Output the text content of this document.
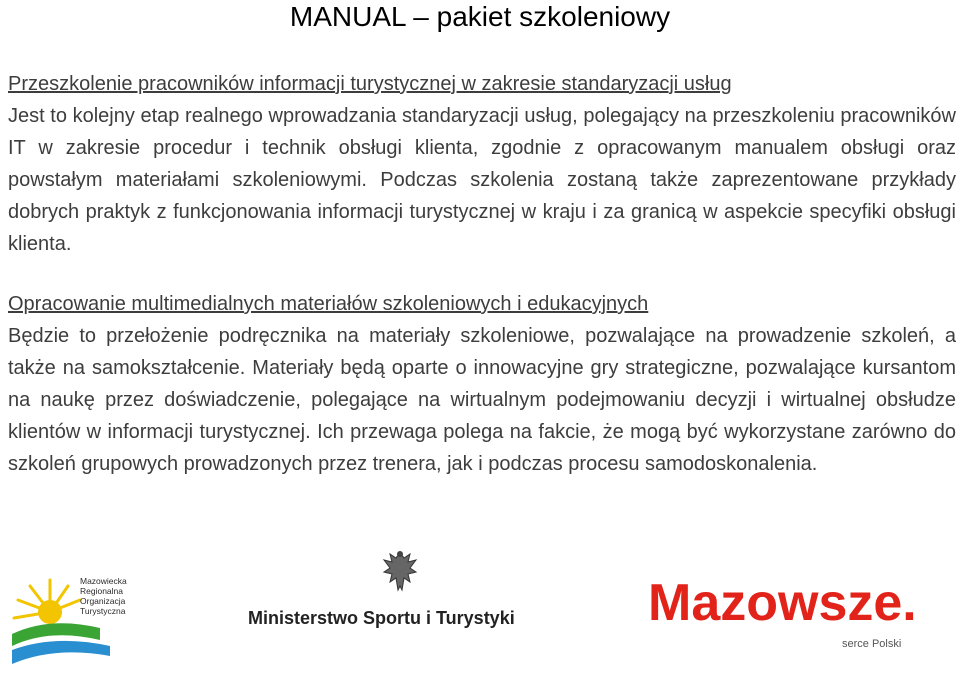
MANUAL – pakiet szkoleniowy
Przeszkolenie pracowników informacji turystycznej w zakresie standaryzacji usług
Jest to kolejny etap realnego wprowadzania standaryzacji usług, polegający na przeszkoleniu pracowników IT w zakresie procedur i technik obsługi klienta, zgodnie z opracowanym manualem obsługi oraz powstałym materiałami szkoleniowymi. Podczas szkolenia zostaną także zaprezentowane przykłady dobrych praktyk z funkcjonowania informacji turystycznej w kraju i za granicą w aspekcie specyfiki obsługi klienta.
Opracowanie multimedialnych materiałów szkoleniowych i edukacyjnych
Będzie to przełożenie podręcznika na materiały szkoleniowe, pozwalające na prowadzenie szkoleń, a także na samokształcenie. Materiały będą oparte o innowacyjne gry strategiczne, pozwalające kursantom na naukę przez doświadczenie, polegające na wirtualnym podejmowaniu decyzji i wirtualnej obsłudze klientów w informacji turystycznej. Ich przewaga polega na fakcie, że mogą być wykorzystane zarówno do szkoleń grupowych prowadzonych przez trenera, jak i podczas procesu samodoskonalenia.
Mazowiecka
Regionalna
Organizacja
Turystyczna	Ministerstwo Sportu i Turystyki	Mazowsze.
serce Polski
